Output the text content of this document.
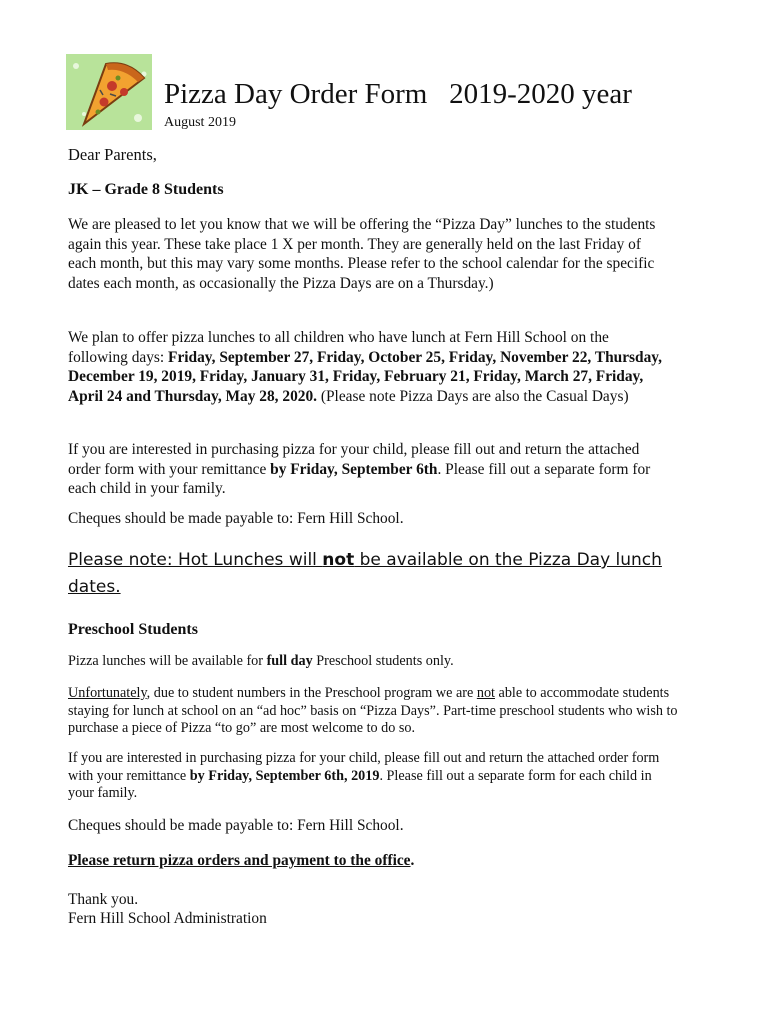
Pizza Day Order Form   2019-2020 year
August 2019

Dear Parents,

JK – Grade 8 Students

We are pleased to let you know that we will be offering the “Pizza Day” lunches to the students again this year. These take place 1 X per month. They are generally held on the last Friday of each month, but this may vary some months. Please refer to the school calendar for the specific dates each month, as occasionally the Pizza Days are on a Thursday.)

We plan to offer pizza lunches to all children who have lunch at Fern Hill School on the following days: Friday, September 27, Friday, October 25, Friday, November 22, Thursday, December 19, 2019, Friday, January 31, Friday, February 21, Friday, March 27, Friday, April 24 and Thursday, May 28, 2020. (Please note Pizza Days are also the Casual Days)

If you are interested in purchasing pizza for your child, please fill out and return the attached order form with your remittance by Friday, September 6th. Please fill out a separate form for each child in your family.

Cheques should be made payable to: Fern Hill School.

Please note: Hot Lunches will not be available on the Pizza Day lunch dates.

Preschool Students

Pizza lunches will be available for full day Preschool students only.

Unfortunately, due to student numbers in the Preschool program we are not able to accommodate students staying for lunch at school on an “ad hoc” basis on “Pizza Days”. Part-time preschool students who wish to purchase a piece of Pizza “to go” are most welcome to do so.

If you are interested in purchasing pizza for your child, please fill out and return the attached order form with your remittance by Friday, September 6th, 2019. Please fill out a separate form for each child in your family.

Cheques should be made payable to: Fern Hill School.

Please return pizza orders and payment to the office.

Thank you.

Fern Hill School Administration
